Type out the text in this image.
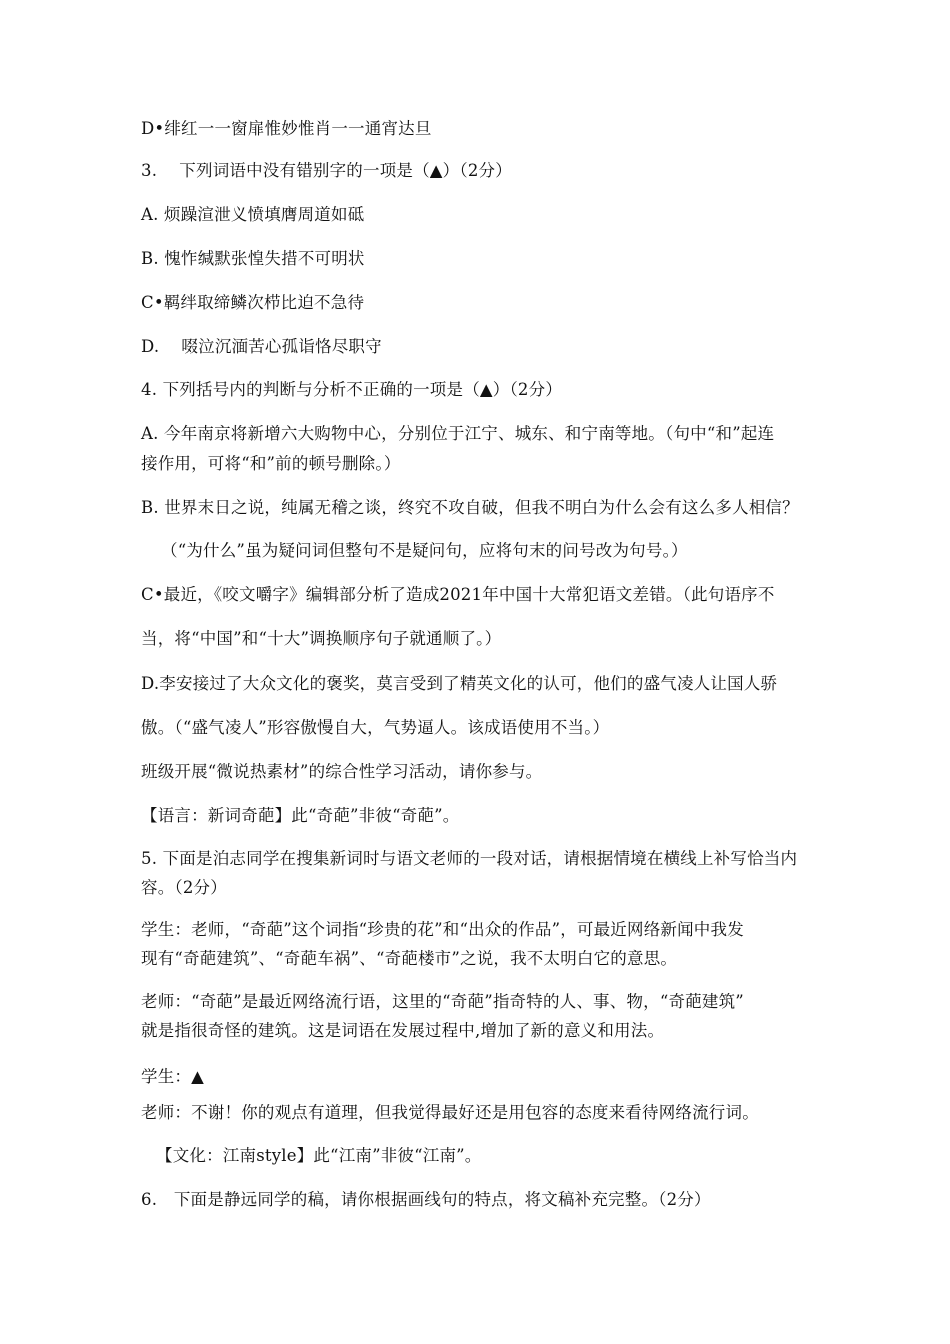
D•绯红一一窗扉惟妙惟肖一一通宵达旦
3.　 下列词语中没有错别字的一项是（▲）（2分）
A. 烦躁渲泄义愤填膺周道如砥
B. 愧怍缄默张惶失措不可明状
C•羁绊取缔鳞次栉比迫不急待
D.　 啜泣沉湎苦心孤诣恪尽职守
4. 下列括号内的判断与分析不正确的一项是（▲）（2分）
A. 今年南京将新增六大购物中心，分别位于江宁、城东、和宁南等地。（句中“和”起连
接作用，可将“和”前的顿号删除。）
B. 世界末日之说，纯属无稽之谈，终究不攻自破，但我不明白为什么会有这么多人相信？
（“为什么”虽为疑问词但整句不是疑问句，应将句末的问号改为句号。）
C•最近，《咬文嚼字》编辑部分析了造成2021年中国十大常犯语文差错。（此句语序不
当，将“中国”和“十大”调换顺序句子就通顺了。）
D.李安接过了大众文化的褒奖，莫言受到了精英文化的认可，他们的盛气凌人让国人骄
傲。（“盛气凌人”形容傲慢自大，气势逼人。该成语使用不当。）
班级开展“微说热素材”的综合性学习活动，请你参与。
【语言：新词奇葩】此“奇葩”非彼“奇葩”。
5. 下面是泊志同学在搜集新词时与语文老师的一段对话，请根据情境在横线上补写恰当内
容。（2分）
学生：老师，“奇葩”这个词指“珍贵的花”和“出众的作品”，可最近网络新闻中我发
现有“奇葩建筑”、“奇葩车祸”、“奇葩楼市”之说，我不太明白它的意思。
老师：“奇葩”是最近网络流行语，这里的“奇葩”指奇特的人、事、物，“奇葩建筑”
就是指很奇怪的建筑。这是词语在发展过程中,增加了新的意义和用法。
学生：▲
老师：不谢！你的观点有道理，但我觉得最好还是用包容的态度来看待网络流行词。
【文化：江南style】此“江南”非彼“江南”。
6.　下面是静远同学的稿，请你根据画线句的特点，将文稿补充完整。（2分）
